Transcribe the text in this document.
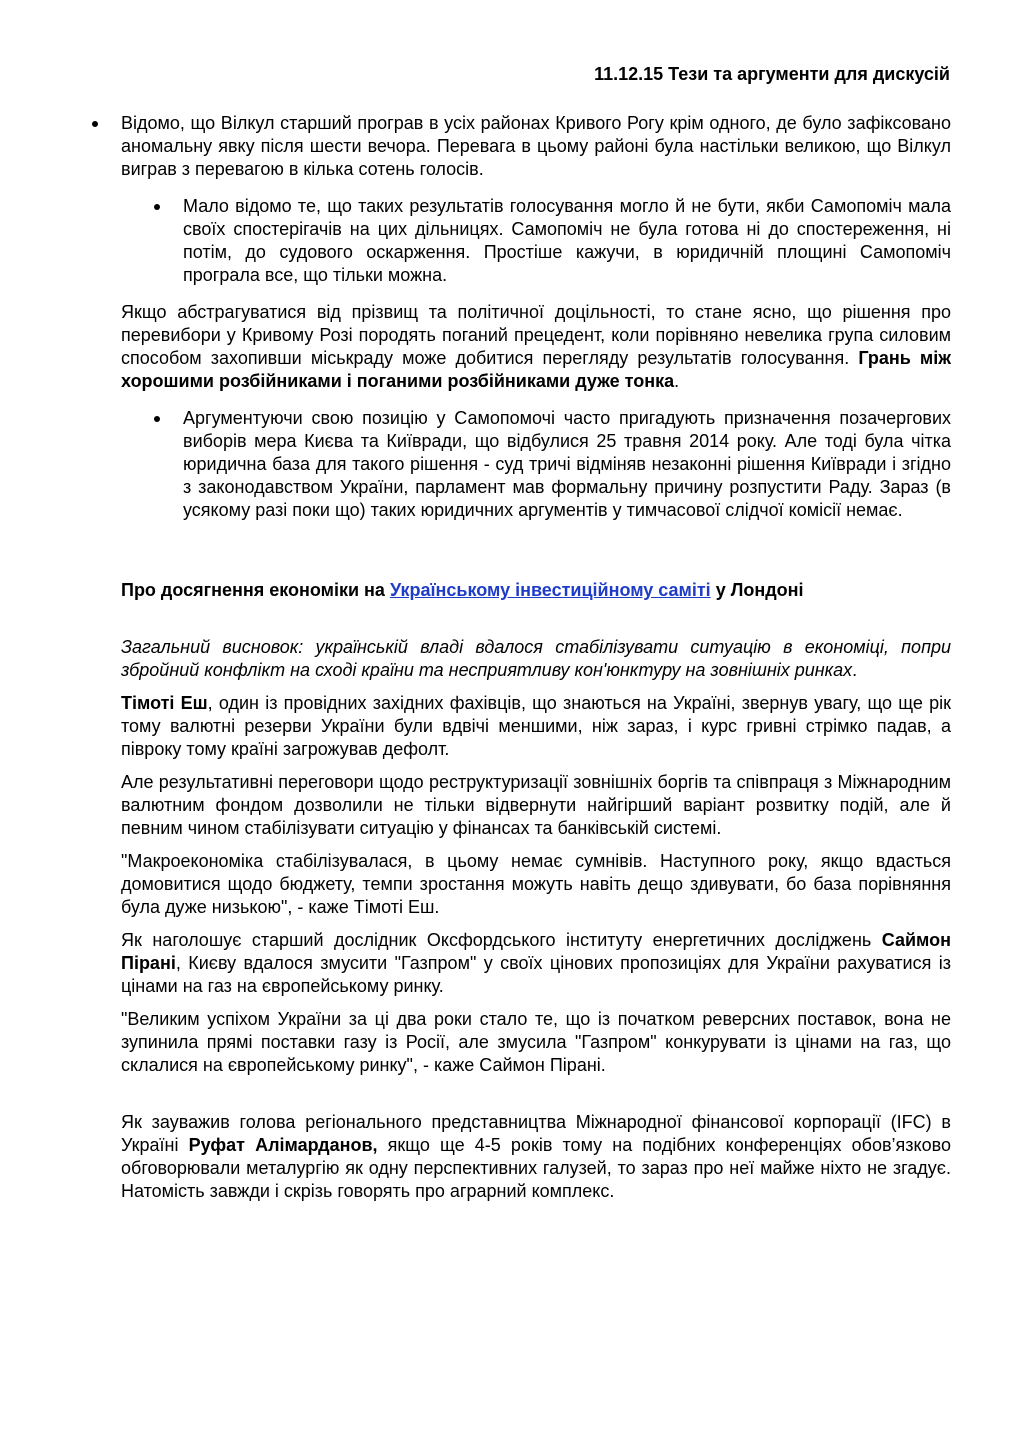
11.12.15 Тези та аргументи для дискусій

Відомо, що Вілкул старший програв в усіх районах Кривого Рогу крім одного, де було зафіксовано аномальну явку після шести вечора. Перевага в цьому районі була настільки великою, що Вілкул виграв з перевагою в кілька сотень голосів.

Мало відомо те, що таких результатів голосування могло й не бути, якби Самопоміч мала своїх спостерігачів на цих дільницях. Самопоміч не була готова ні до спостереження, ні потім, до судового оскарження. Простіше кажучи, в юридичній площині Самопоміч програла все, що тільки можна.

Якщо абстрагуватися від прізвищ та політичної доцільності, то стане ясно, що рішення про перевибори у Кривому Розі породять поганий прецедент, коли порівняно невелика група силовим способом захопивши міськраду може добитися перегляду результатів голосування. Грань між хорошими розбійниками і поганими розбійниками дуже тонка.

Аргументуючи свою позицію у Самопомочі часто пригадують призначення позачергових виборів мера Києва та Київради, що відбулися 25 травня 2014 року. Але тоді була чітка юридична база для такого рішення - суд тричі відміняв незаконні рішення Київради і згідно з законодавством України, парламент мав формальну причину розпустити Раду. Зараз (в усякому разі поки що) таких юридичних аргументів у тимчасової слідчої комісії немає.

Про досягнення економіки на Українському інвестиційному саміті у Лондоні

Загальний висновок: українській владі вдалося стабілізувати ситуацію в економіці, попри збройний конфлікт на сході країни та несприятливу кон'юнктуру на зовнішніх ринках.

Тімоті Еш, один із провідних західних фахівців, що знаються на Україні, звернув увагу, що ще рік тому валютні резерви України були вдвічі меншими, ніж зараз, і курс гривні стрімко падав, а півроку тому країні загрожував дефолт.

Але результативні переговори щодо реструктуризації зовнішніх боргів та співпраця з Міжнародним валютним фондом дозволили не тільки відвернути найгірший варіант розвитку подій, але й певним чином стабілізувати ситуацію у фінансах та банківській системі.

"Макроекономіка стабілізувалася, в цьому немає сумнівів. Наступного року, якщо вдасться домовитися щодо бюджету, темпи зростання можуть навіть дещо здивувати, бо база порівняння була дуже низькою", - каже Тімоті Еш.

Як наголошує старший дослідник Оксфордського інституту енергетичних досліджень Саймон Пірані, Києву вдалося змусити "Газпром" у своїх цінових пропозиціях для України рахуватися із цінами на газ на європейському ринку.

"Великим успіхом України за ці два роки стало те, що із початком реверсних поставок, вона не зупинила прямі поставки газу із Росії, але змусила "Газпром" конкурувати із цінами на газ, що склалися на європейському ринку", - каже Саймон Пірані.

Як зауважив голова регіонального представництва Міжнародної фінансової корпорації (IFC) в Україні Руфат Алімарданов, якщо ще 4-5 років тому на подібних конференціях обов’язково обговорювали металургію як одну перспективних галузей, то зараз про неї майже ніхто не згадує. Натомість завжди і скрізь говорять про аграрний комплекс.
